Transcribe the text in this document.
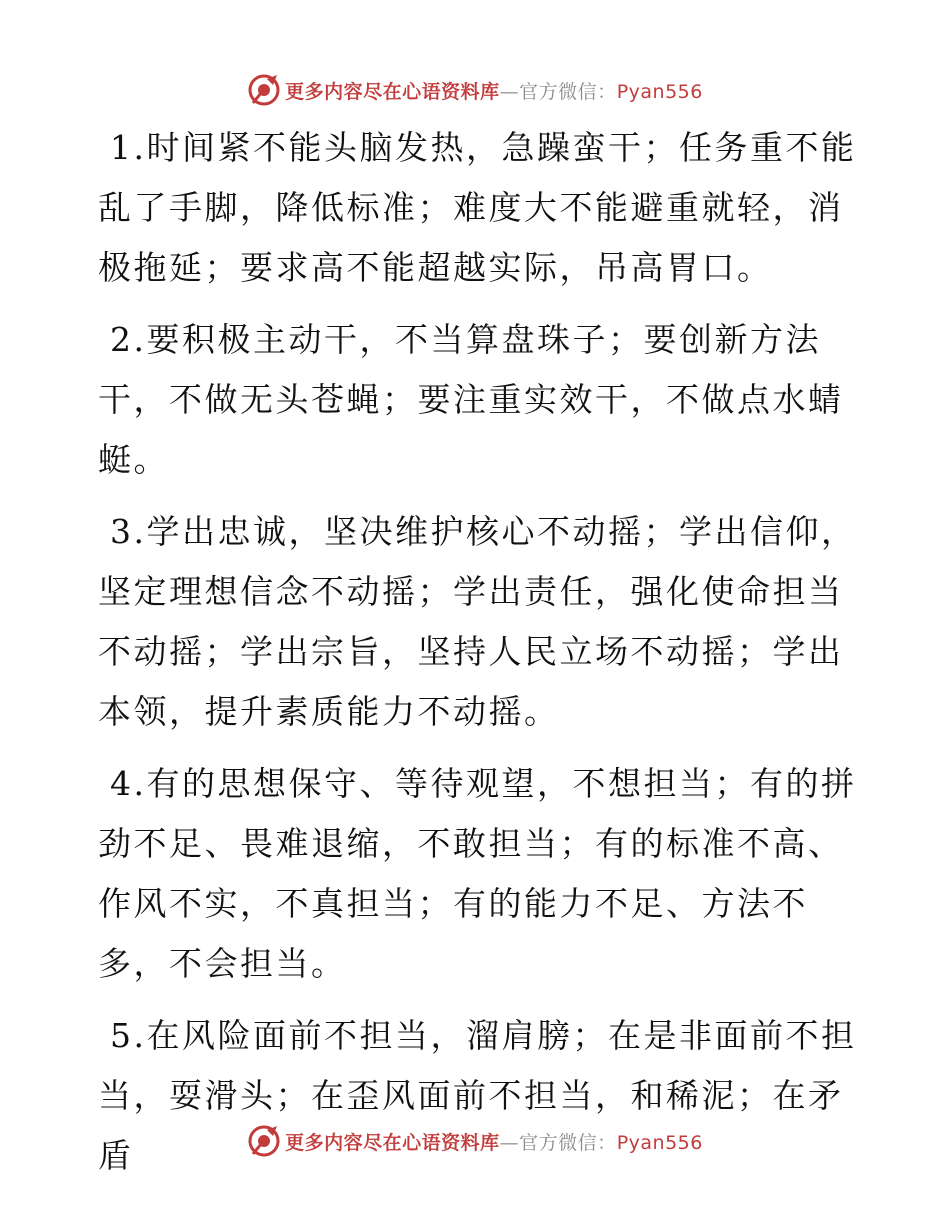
更多内容尽在心语资料库—官方微信：Pyan556

1.时间紧不能头脑发热，急躁蛮干；任务重不能乱了手脚，降低标准；难度大不能避重就轻，消极拖延；要求高不能超越实际，吊高胃口。

2.要积极主动干，不当算盘珠子；要创新方法干，不做无头苍蝇；要注重实效干，不做点水蜻蜓。

3.学出忠诚，坚决维护核心不动摇；学出信仰，坚定理想信念不动摇；学出责任，强化使命担当不动摇；学出宗旨，坚持人民立场不动摇；学出本领，提升素质能力不动摇。

4.有的思想保守、等待观望，不想担当；有的拼劲不足、畏难退缩，不敢担当；有的标准不高、作风不实，不真担当；有的能力不足、方法不多，不会担当。

5.在风险面前不担当，溜肩膀；在是非面前不担当，耍滑头；在歪风面前不担当，和稀泥；在矛盾	更多内容尽在心语资料库—官方微信：Pyan556
